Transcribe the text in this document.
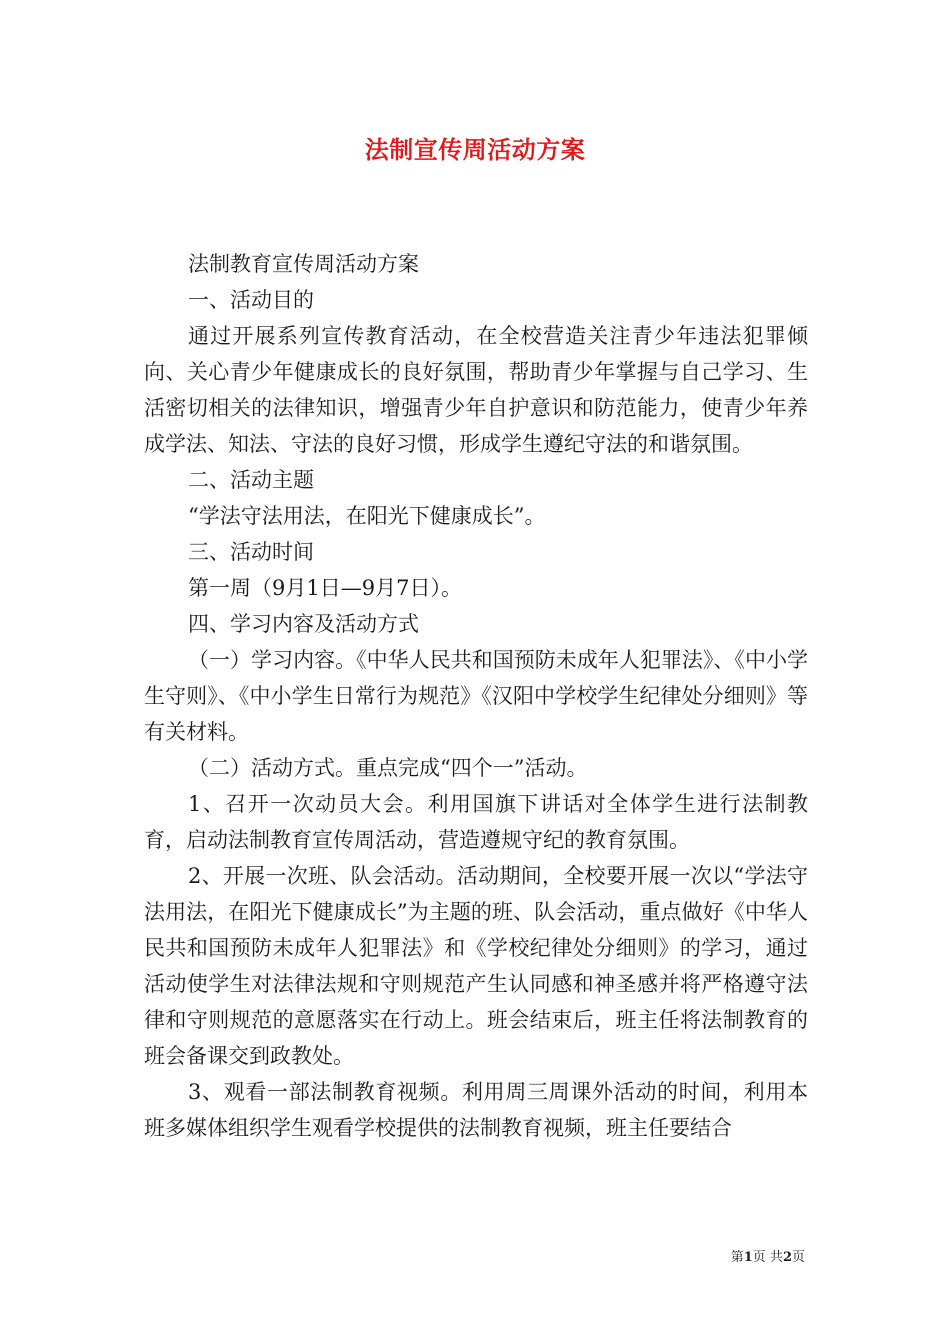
法制宣传周活动方案

法制教育宣传周活动方案

一、活动目的

通过开展系列宣传教育活动，在全校营造关注青少年违法犯罪倾向、关心青少年健康成长的良好氛围，帮助青少年掌握与自己学习、生活密切相关的法律知识，增强青少年自护意识和防范能力，使青少年养成学法、知法、守法的良好习惯，形成学生遵纪守法的和谐氛围。

二、活动主题

“学法守法用法，在阳光下健康成长”。

三、活动时间

第一周（9月1日—9月7日）。

四、学习内容及活动方式

（一）学习内容。《中华人民共和国预防未成年人犯罪法》、《中小学生守则》、《中小学生日常行为规范》《汉阳中学校学生纪律处分细则》等有关材料。

（二）活动方式。重点完成“四个一”活动。

1、召开一次动员大会。利用国旗下讲话对全体学生进行法制教育，启动法制教育宣传周活动，营造遵规守纪的教育氛围。

2、开展一次班、队会活动。活动期间，全校要开展一次以“学法守法用法，在阳光下健康成长”为主题的班、队会活动，重点做好《中华人民共和国预防未成年人犯罪法》和《学校纪律处分细则》的学习，通过活动使学生对法律法规和守则规范产生认同感和神圣感并将严格遵守法律和守则规范的意愿落实在行动上。班会结束后，班主任将法制教育的班会备课交到政教处。

3、观看一部法制教育视频。利用周三周课外活动的时间，利用本班多媒体组织学生观看学校提供的法制教育视频，班主任要结合

第1页 共2页
